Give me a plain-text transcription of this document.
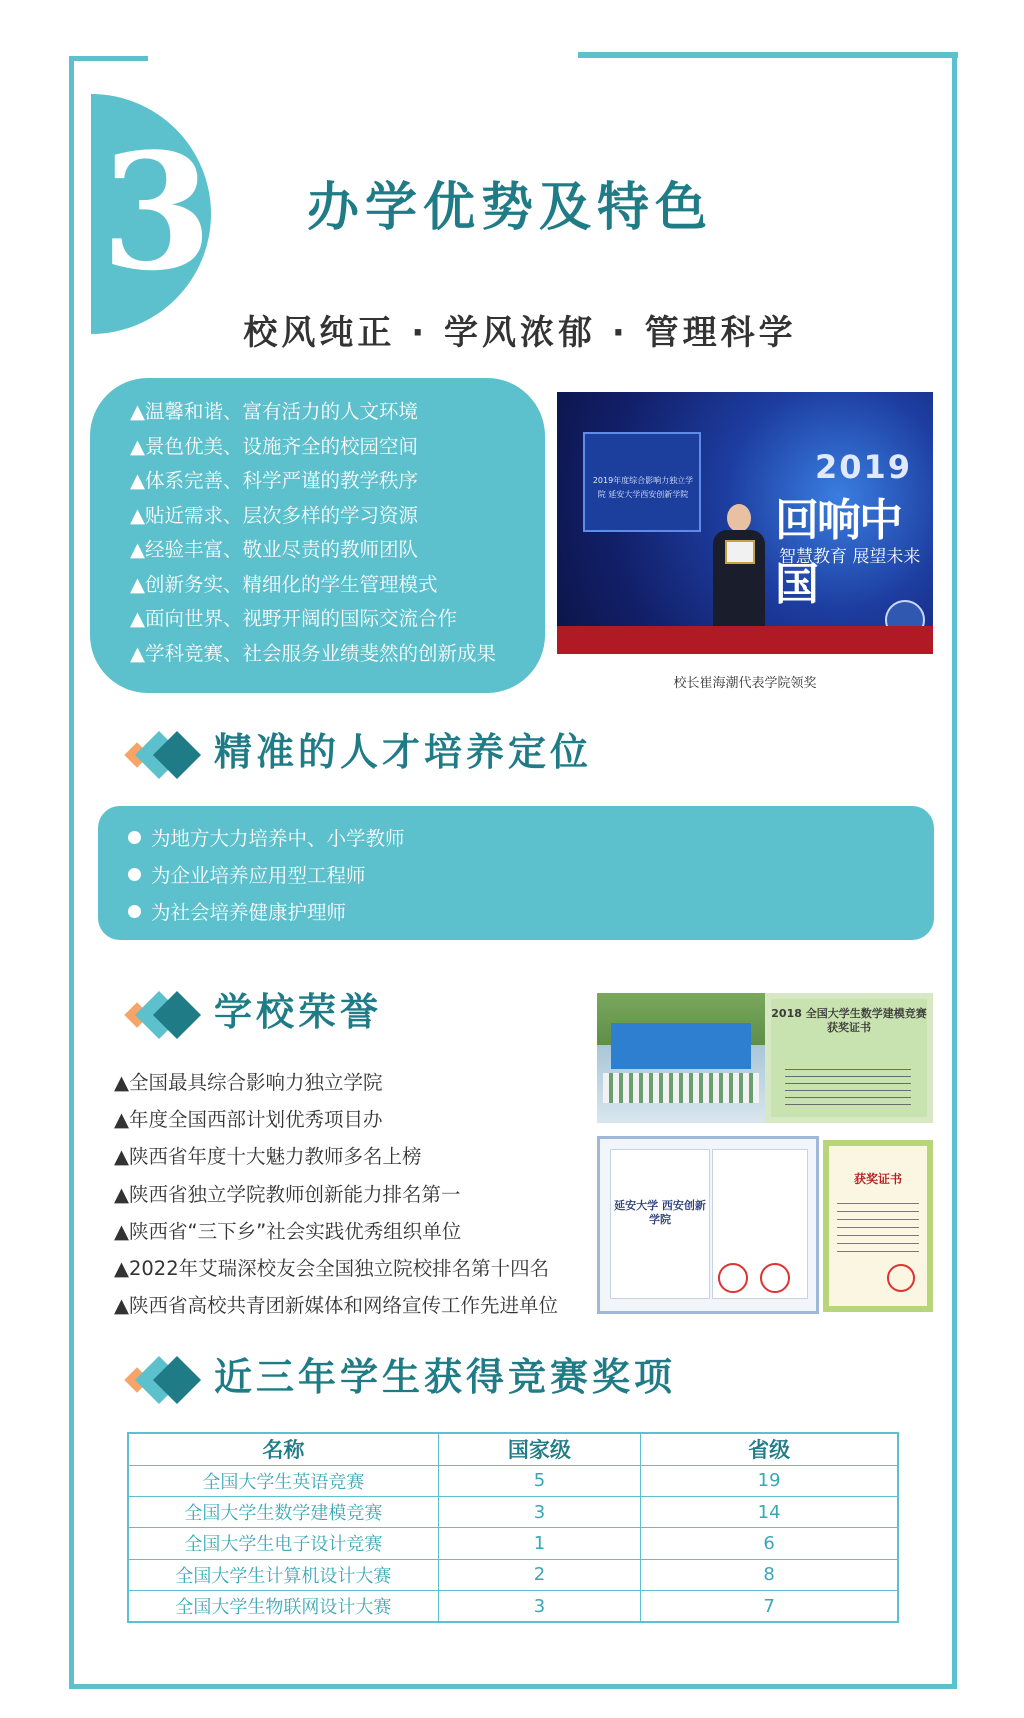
3	办学优势及特色
校风纯正 · 学风浓郁 · 管理科学
▲温馨和谐、富有活力的人文环境
▲景色优美、设施齐全的校园空间
▲体系完善、科学严谨的教学秩序
▲贴近需求、层次多样的学习资源
▲经验丰富、敬业尽责的教师团队
▲创新务实、精细化的学生管理模式
▲面向世界、视野开阔的国际交流合作
▲学科竞赛、社会服务业绩斐然的创新成果
2019年度综合影响力独立学院 延安大学西安创新学院
2019
回响中国
智慧教育 展望未来
校长崔海潮代表学院领奖
精准的人才培养定位
为地方大力培养中、小学教师
为企业培养应用型工程师
为社会培养健康护理师
学校荣誉
▲全国最具综合影响力独立学院
▲年度全国西部计划优秀项目办
▲陕西省年度十大魅力教师多名上榜
▲陕西省独立学院教师创新能力排名第一
▲陕西省“三下乡”社会实践优秀组织单位
▲2022年艾瑞深校友会全国独立院校排名第十四名
▲陕西省高校共青团新媒体和网络宣传工作先进单位
2018 全国大学生数学建模竞赛 获奖证书
延安大学 西安创新学院
获奖证书
近三年学生获得竞赛奖项
名称	国家级	省级
全国大学生英语竞赛	5	19
全国大学生数学建模竞赛	3	14
全国大学生电子设计竞赛	1	6
全国大学生计算机设计大赛	2	8
全国大学生物联网设计大赛	3	7
